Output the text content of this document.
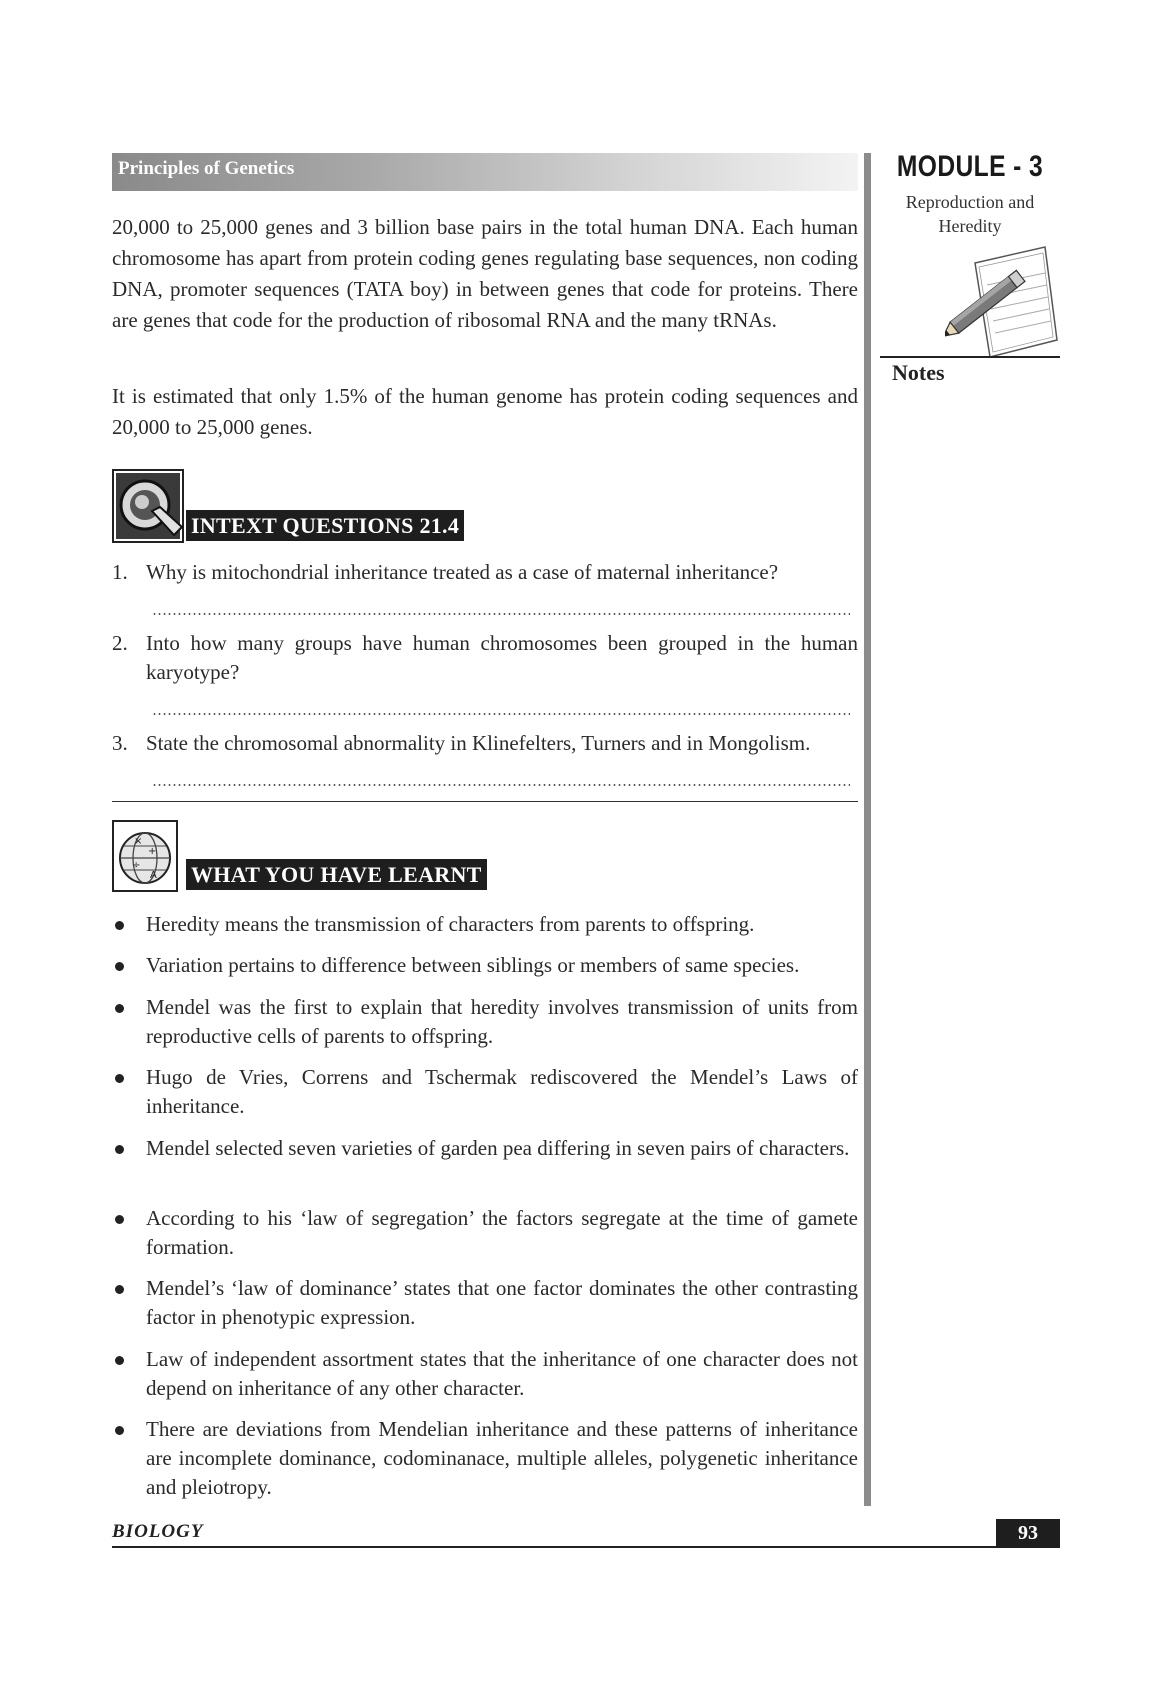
Principles of Genetics	MODULE - 3
Reproduction and
Heredity
Notes

20,000 to 25,000 genes and 3 billion base pairs in the total human DNA. Each human chromosome has apart from protein coding genes regulating base sequences, non coding DNA, promoter sequences (TATA boy) in between genes that code for proteins. There are genes that code for the production of ribosomal RNA and the many tRNAs.

It is estimated that only 1.5% of the human genome has protein coding sequences and 20,000 to 25,000 genes.

INTEXT QUESTIONS 21.4
1. Why is mitochondrial inheritance treated as a case of maternal inheritance?
2. Into how many groups have human chromosomes been grouped in the human karyotype?
3. State the chromosomal abnormality in Klinefelters, Turners and in Mongolism.
×
+
÷
A WHAT YOU HAVE LEARNT
Heredity means the transmission of characters from parents to offspring.
Variation pertains to difference between siblings or members of same species.
Mendel was the first to explain that heredity involves transmission of units from reproductive cells of parents to offspring.
Hugo de Vries, Correns and Tschermak rediscovered the Mendel’s Laws of inheritance.
Mendel selected seven varieties of garden pea differing in seven pairs of characters.
According to his ‘law of segregation’ the factors segregate at the time of gamete formation.
Mendel’s ‘law of dominance’ states that one factor dominates the other contrasting factor in phenotypic expression.
Law of independent assortment states that the inheritance of one character does not depend on inheritance of any other character.
There are deviations from Mendelian inheritance and these patterns of inheritance are incomplete dominance, codominanace, multiple alleles, polygenetic inheritance and pleiotropy.
BIOLOGY	93
